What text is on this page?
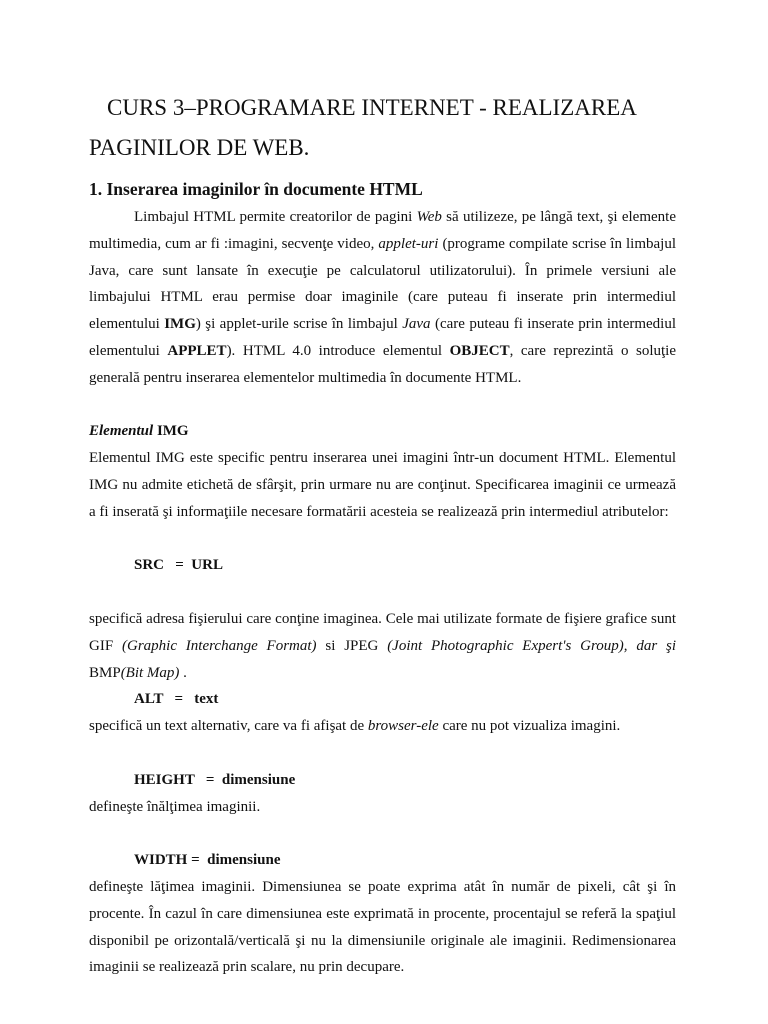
CURS 3–PROGRAMARE INTERNET - REALIZAREA
PAGINILOR DE WEB.
1. Inserarea imaginilor în documente HTML

Limbajul HTML permite creatorilor de pagini Web să utilizeze, pe lângă text, şi elemente multimedia, cum ar fi :imagini, secvenţe video, applet-uri (programe compilate scrise în limbajul Java, care sunt lansate în execuţie pe calculatorul utilizatorului). În primele versiuni ale limbajului HTML erau permise doar imaginile (care puteau fi inserate prin intermediul elementului IMG) şi applet-urile scrise în limbajul Java (care puteau fi inserate prin intermediul elementului APPLET). HTML 4.0 introduce elementul OBJECT, care reprezintă o soluţie generală pentru inserarea elementelor multimedia în documente HTML.

Elementul IMG

Elementul IMG este specific pentru inserarea unei imagini într-un document HTML. Elementul IMG nu admite etichetă de sfârşit, prin urmare nu are conţinut. Specificarea imaginii ce urmează a fi inserată şi informaţiile necesare formatării acesteia se realizează prin intermediul atributelor:

SRC   =  URL

specifică adresa fişierului care conţine imaginea. Cele mai utilizate formate de fişiere grafice sunt GIF (Graphic Interchange Format) si JPEG (Joint Photographic Expert's Group), dar şi BMP(Bit Map) .

ALT   =   text

specifică un text alternativ, care va fi afişat de browser-ele care nu pot vizualiza imagini.

HEIGHT   =  dimensiune

defineşte înălţimea imaginii.

WIDTH =  dimensiune

defineşte lăţimea imaginii. Dimensiunea se poate exprima atât în număr de pixeli, cât şi în procente. În cazul în care dimensiunea este exprimată in procente, procentajul se referă la spaţiul disponibil pe orizontală/verticală şi nu la dimensiunile originale ale imaginii. Redimensionarea imaginii se realizează prin scalare, nu prin decupare.
